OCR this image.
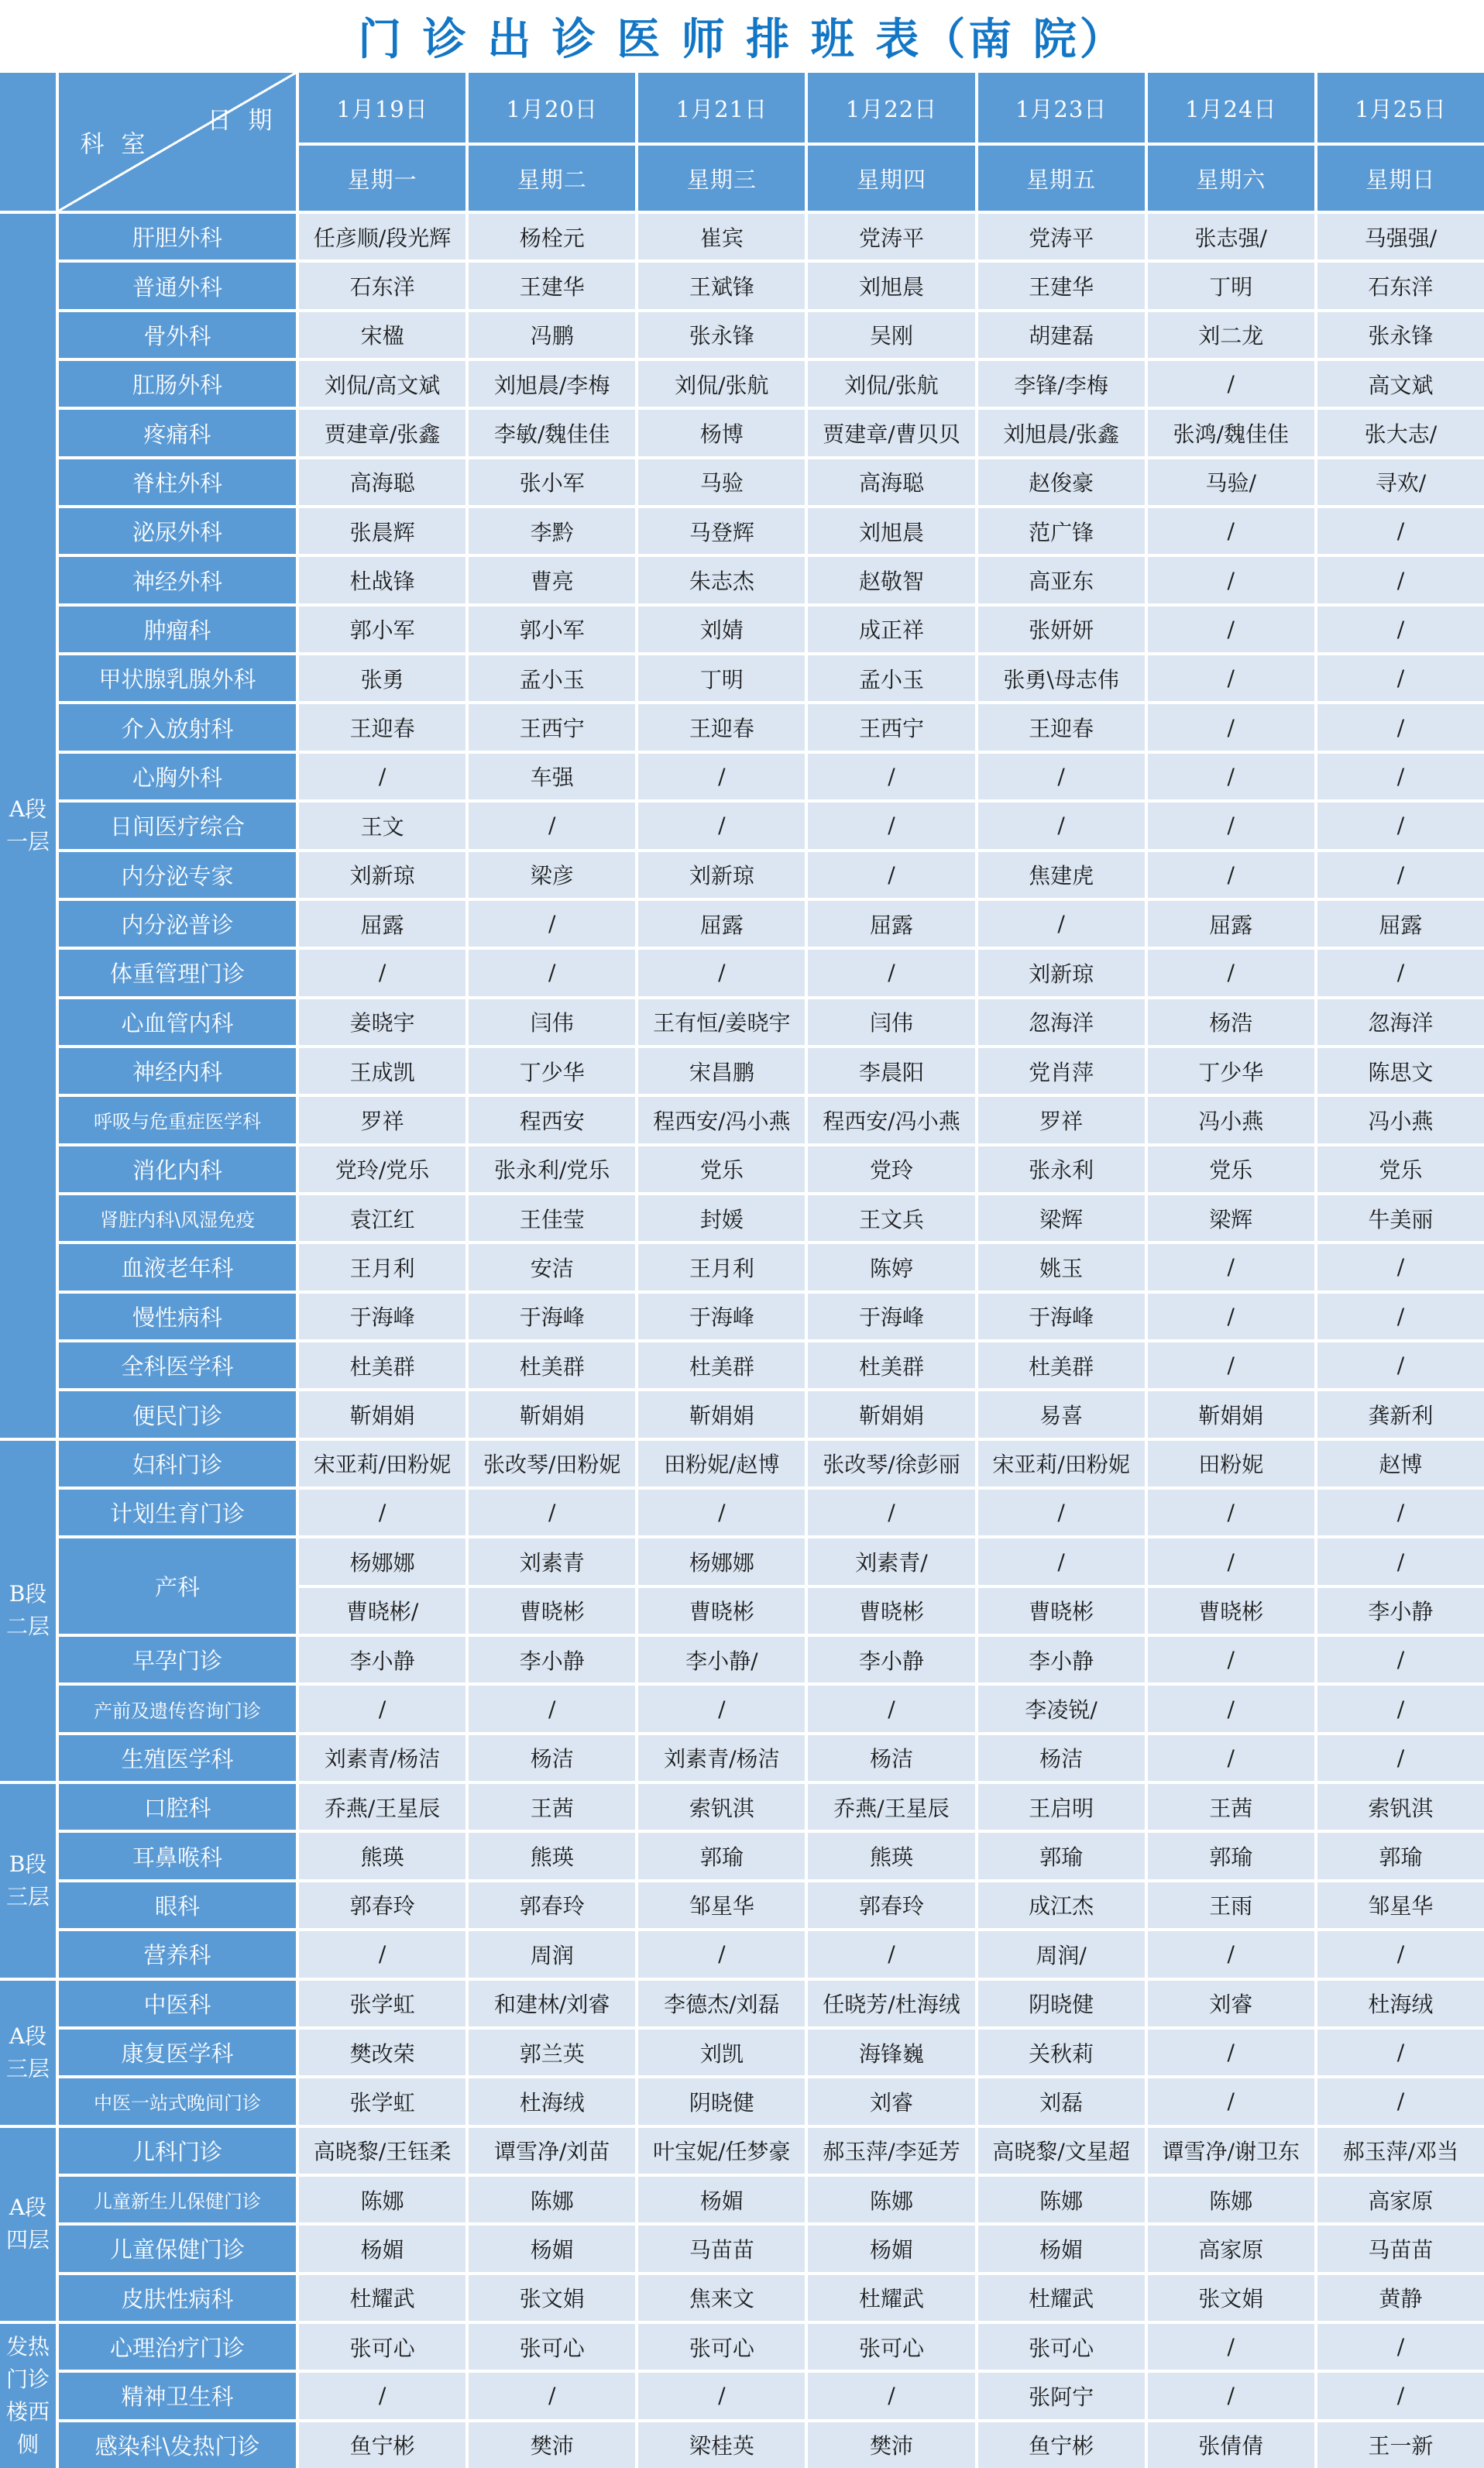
门 诊 出 诊 医 师 排 班 表（南 院）
科 室
日 期	1月19日	1月20日	1月21日	1月22日	1月23日	1月24日	1月25日
星期一	星期二	星期三	星期四	星期五	星期六	星期日
A段一层
肝胆外科	任彦顺/段光辉	杨栓元	崔宾	党涛平	党涛平	张志强/	马强强/
普通外科	石东洋	王建华	王斌锋	刘旭晨	王建华	丁明	石东洋
骨外科	宋楹	冯鹏	张永锋	吴刚	胡建磊	刘二龙	张永锋
肛肠外科	刘侃/高文斌	刘旭晨/李梅	刘侃/张航	刘侃/张航	李锋/李梅	/	高文斌
疼痛科	贾建章/张鑫	李敏/魏佳佳	杨博	贾建章/曹贝贝	刘旭晨/张鑫	张鸿/魏佳佳	张大志/
脊柱外科	高海聪	张小军	马验	高海聪	赵俊豪	马验/	寻欢/
泌尿外科	张晨辉	李黔	马登辉	刘旭晨	范广锋	/	/
神经外科	杜战锋	曹亮	朱志杰	赵敬智	高亚东	/	/
肿瘤科	郭小军	郭小军	刘婧	成正祥	张妍妍	/	/
甲状腺乳腺外科	张勇	孟小玉	丁明	孟小玉	张勇\母志伟	/	/
介入放射科	王迎春	王西宁	王迎春	王西宁	王迎春	/	/
心胸外科	/	车强	/	/	/	/	/
日间医疗综合	王文	/	/	/	/	/	/
内分泌专家	刘新琼	梁彦	刘新琼	/	焦建虎	/	/
内分泌普诊	屈露	/	屈露	屈露	/	屈露	屈露
体重管理门诊	/	/	/	/	刘新琼	/	/
心血管内科	姜晓宇	闫伟	王有恒/姜晓宇	闫伟	忽海洋	杨浩	忽海洋
神经内科	王成凯	丁少华	宋昌鹏	李晨阳	党肖萍	丁少华	陈思文
呼吸与危重症医学科	罗祥	程西安	程西安/冯小燕	程西安/冯小燕	罗祥	冯小燕	冯小燕
消化内科	党玲/党乐	张永利/党乐	党乐	党玲	张永利	党乐	党乐
肾脏内科\风湿免疫	袁江红	王佳莹	封媛	王文兵	梁辉	梁辉	牛美丽
血液老年科	王月利	安洁	王月利	陈婷	姚玉	/	/
慢性病科	于海峰	于海峰	于海峰	于海峰	于海峰	/	/
全科医学科	杜美群	杜美群	杜美群	杜美群	杜美群	/	/
便民门诊	靳娟娟	靳娟娟	靳娟娟	靳娟娟	易喜	靳娟娟	龚新利
B段二层
妇科门诊	宋亚莉/田粉妮	张改琴/田粉妮	田粉妮/赵博	张改琴/徐彭丽	宋亚莉/田粉妮	田粉妮	赵博
计划生育门诊	/	/	/	/	/	/	/
产科
杨娜娜	刘素青	杨娜娜	刘素青/	/	/	/
曹晓彬/	曹晓彬	曹晓彬	曹晓彬	曹晓彬	曹晓彬	李小静
早孕门诊	李小静	李小静	李小静/	李小静	李小静	/	/
产前及遗传咨询门诊	/	/	/	/	李凌锐/	/	/
生殖医学科	刘素青/杨洁	杨洁	刘素青/杨洁	杨洁	杨洁	/	/
B段三层
口腔科	乔燕/王星辰	王茜	索钒淇	乔燕/王星辰	王启明	王茜	索钒淇
耳鼻喉科	熊瑛	熊瑛	郭瑜	熊瑛	郭瑜	郭瑜	郭瑜
眼科	郭春玲	郭春玲	邹星华	郭春玲	成江杰	王雨	邹星华
营养科	/	周润	/	/	周润/	/	/
A段三层
中医科	张学虹	和建林/刘睿	李德杰/刘磊	任晓芳/杜海绒	阴晓健	刘睿	杜海绒
康复医学科	樊改荣	郭兰英	刘凯	海锋巍	关秋莉	/	/
中医一站式晚间门诊	张学虹	杜海绒	阴晓健	刘睿	刘磊	/	/
A段四层
儿科门诊	高晓黎/王钰柔	谭雪净/刘苗	叶宝妮/任梦豪	郝玉萍/李延芳	高晓黎/文星超	谭雪净/谢卫东	郝玉萍/邓当
儿童新生儿保健门诊	陈娜	陈娜	杨媚	陈娜	陈娜	陈娜	高家原
儿童保健门诊	杨媚	杨媚	马苗苗	杨媚	杨媚	高家原	马苗苗
皮肤性病科	杜耀武	张文娟	焦来文	杜耀武	杜耀武	张文娟	黄静
发热门诊楼西侧
心理治疗门诊	张可心	张可心	张可心	张可心	张可心	/	/
精神卫生科	/	/	/	/	张阿宁	/	/
感染科\发热门诊	鱼宁彬	樊沛	梁桂英	樊沛	鱼宁彬	张倩倩	王一新
